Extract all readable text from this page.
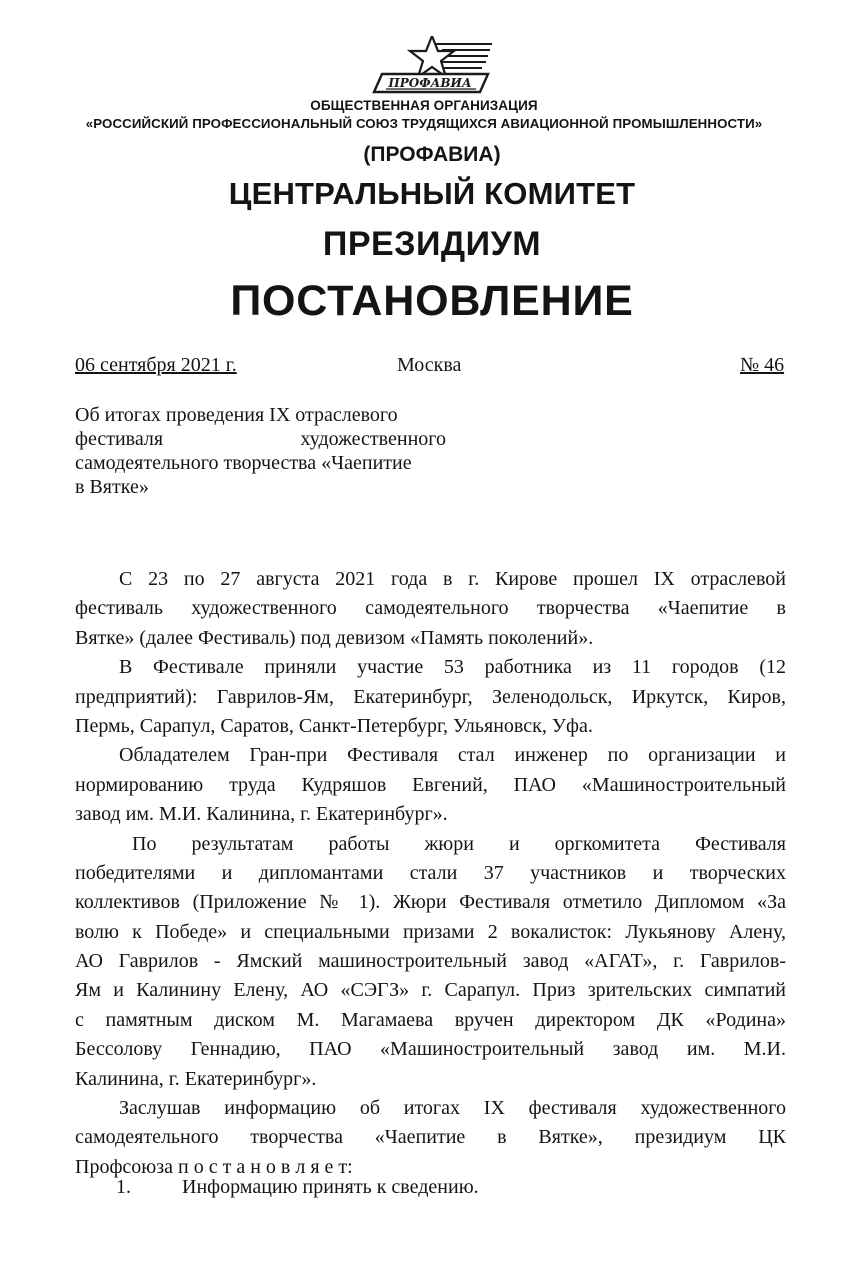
ПРОФАВИА
ОБЩЕСТВЕННАЯ ОРГАНИЗАЦИЯ
«РОССИЙСКИЙ ПРОФЕССИОНАЛЬНЫЙ СОЮЗ ТРУДЯЩИХСЯ АВИАЦИОННОЙ ПРОМЫШЛЕННОСТИ»
(ПРОФАВИА)
ЦЕНТРАЛЬНЫЙ КОМИТЕТ
ПРЕЗИДИУМ
ПОСТАНОВЛЕНИЕ
06 сентября 2021 г.	Москва	№ 46
Об итогах проведения IX отраслевого
фестиваля художественного
самодеятельного творчества «Чаепитие
в Вятке»
С 23 по 27 августа 2021 года в г. Кирове прошел IX отраслевой
фестиваль художественного самодеятельного творчества «Чаепитие в
Вятке» (далее Фестиваль) под девизом «Память поколений».
В Фестивале приняли участие 53 работника из 11 городов (12
предприятий): Гаврилов-Ям, Екатеринбург, Зеленодольск, Иркутск, Киров,
Пермь, Сарапул, Саратов, Санкт-Петербург, Ульяновск, Уфа.
Обладателем Гран-при Фестиваля стал инженер по организации и
нормированию труда Кудряшов Евгений, ПАО «Машиностроительный
завод им. М.И. Калинина, г. Екатеринбург».
По результатам работы жюри и оргкомитета Фестиваля
победителями и дипломантами стали 37 участников и творческих
коллективов (Приложение № 1). Жюри Фестиваля отметило Дипломом «За
волю к Победе» и специальными призами 2 вокалисток: Лукьянову Алену,
АО Гаврилов - Ямский машиностроительный завод «АГАТ», г. Гаврилов-
Ям и Калинину Елену, АО «СЭГЗ» г. Сарапул. Приз зрительских симпатий
с памятным диском М. Магамаева вручен директором ДК «Родина»
Бессолову Геннадию, ПАО «Машиностроительный завод им. М.И.
Калинина, г. Екатеринбург».
Заслушав информацию об итогах IX фестиваля художественного
самодеятельного творчества «Чаепитие в Вятке», президиум ЦК
Профсоюза п о с т а н о в л я е т:
1.	Информацию принять к сведению.
